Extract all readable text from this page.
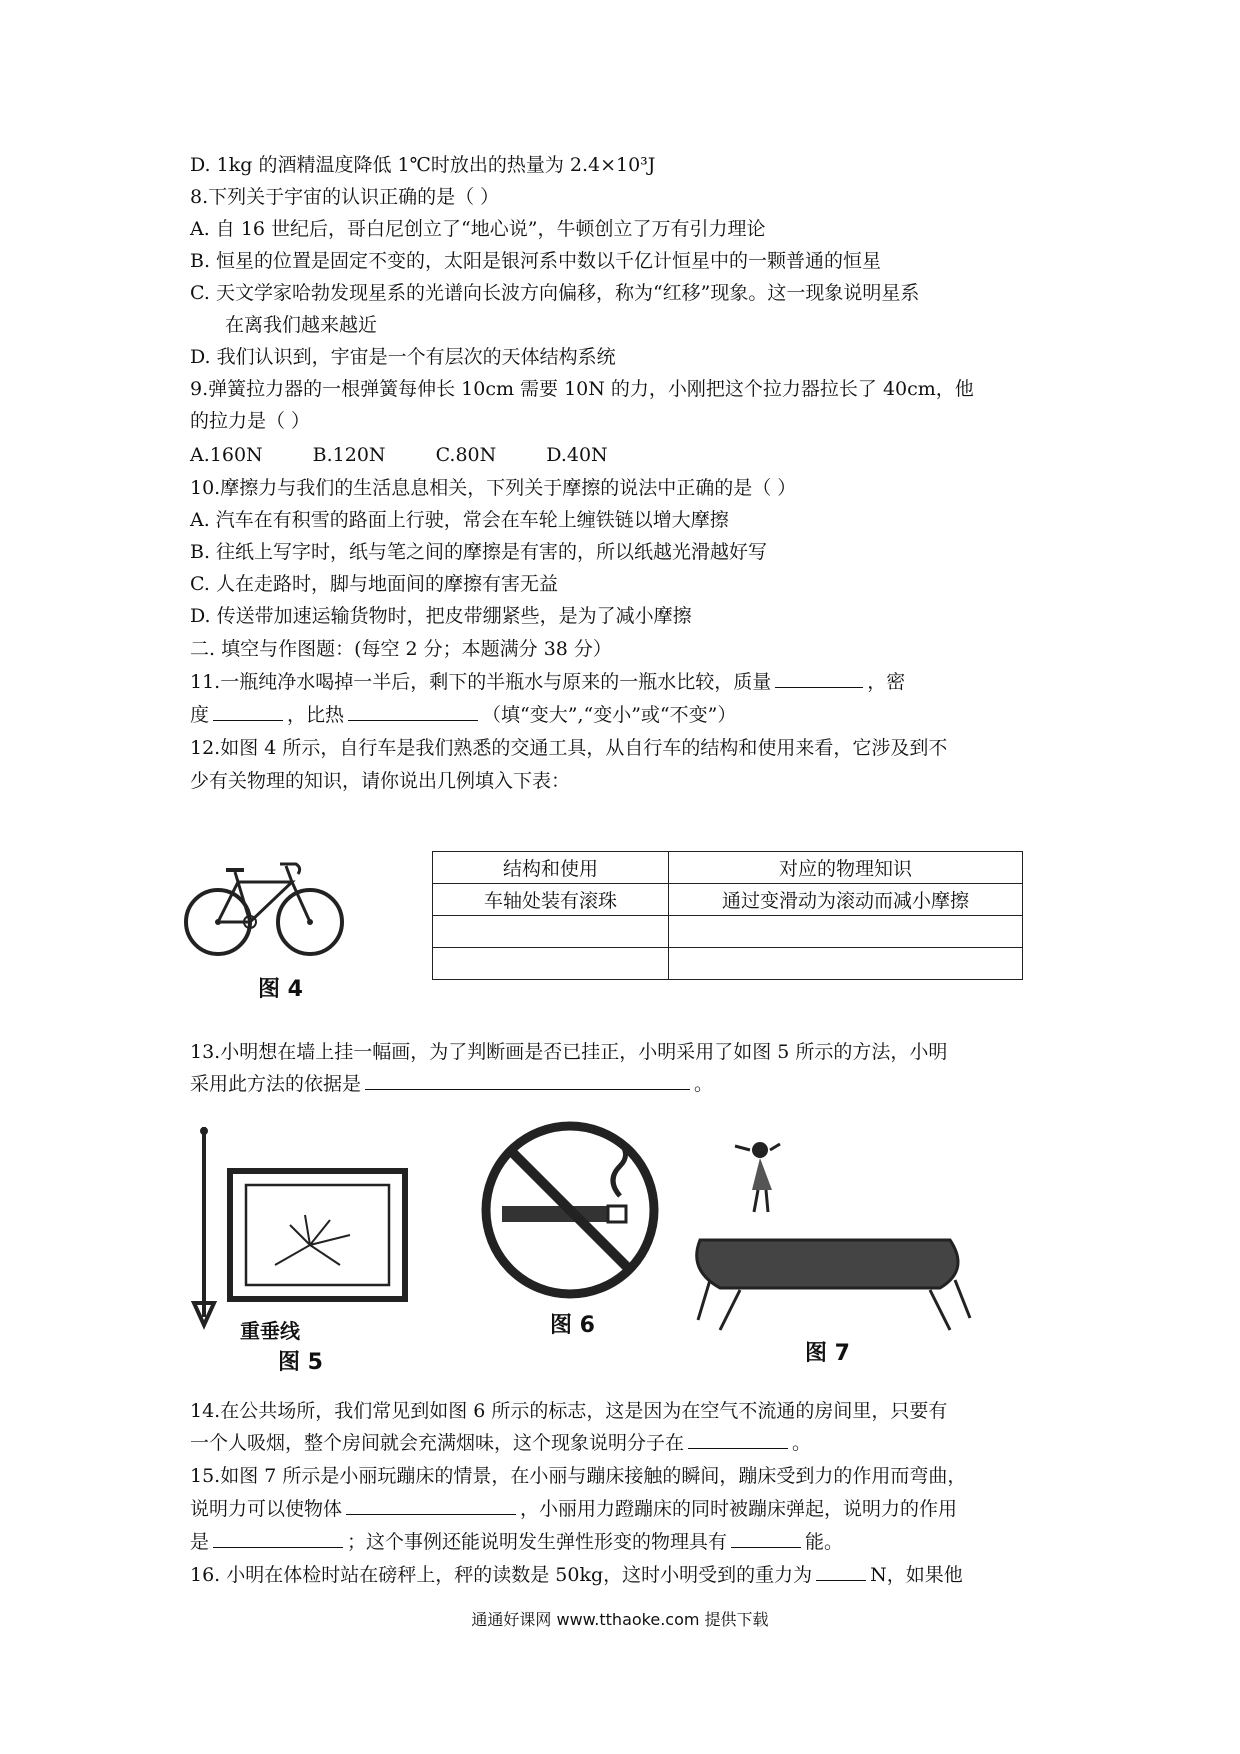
D. 1kg 的酒精温度降低 1℃时放出的热量为 2.4×10³J
8.下列关于宇宙的认识正确的是（ ）
A. 自 16 世纪后，哥白尼创立了“地心说”，牛顿创立了万有引力理论
B. 恒星的位置是固定不变的，太阳是银河系中数以千亿计恒星中的一颗普通的恒星
C. 天文学家哈勃发现星系的光谱向长波方向偏移，称为“红移”现象。这一现象说明星系
在离我们越来越近
D. 我们认识到，宇宙是一个有层次的天体结构系统
9.弹簧拉力器的一根弹簧每伸长 10cm 需要 10N 的力，小刚把这个拉力器拉长了 40cm，他
的拉力是（ ）
A.160N	B.120N	C.80N	D.40N
10.摩擦力与我们的生活息息相关，下列关于摩擦的说法中正确的是（ ）
A. 汽车在有积雪的路面上行驶，常会在车轮上缠铁链以增大摩擦
B. 往纸上写字时，纸与笔之间的摩擦是有害的，所以纸越光滑越好写
C. 人在走路时，脚与地面间的摩擦有害无益
D. 传送带加速运输货物时，把皮带绷紧些，是为了减小摩擦
二. 填空与作图题：(每空 2 分；本题满分 38 分）
11.一瓶纯净水喝掉一半后，剩下的半瓶水与原来的一瓶水比较，质量	，密
度	，比热	（填“变大”,“变小”或“不变”）
12.如图 4 所示，自行车是我们熟悉的交通工具，从自行车的结构和使用来看，它涉及到不
少有关物理的知识，请你说出几例填入下表：
图 4
结构和使用	对应的物理知识
车轴处装有滚珠	通过变滑动为滚动而减小摩擦

13.小明想在墙上挂一幅画，为了判断画是否已挂正，小明采用了如图 5 所示的方法，小明
采用此方法的依据是	。
重垂线
图 5
图 6
图 7
14.在公共场所，我们常见到如图 6 所示的标志，这是因为在空气不流通的房间里，只要有
一个人吸烟，整个房间就会充满烟味，这个现象说明分子在	。
15.如图 7 所示是小丽玩蹦床的情景，在小丽与蹦床接触的瞬间，蹦床受到力的作用而弯曲，
说明力可以使物体	，小丽用力蹬蹦床的同时被蹦床弹起，说明力的作用
是	；这个事例还能说明发生弹性形变的物理具有	能。
16. 小明在体检时站在磅秤上，秤的读数是 50kg，这时小明受到的重力为	N，如果他
通通好课网 www.tthaoke.com 提供下载
